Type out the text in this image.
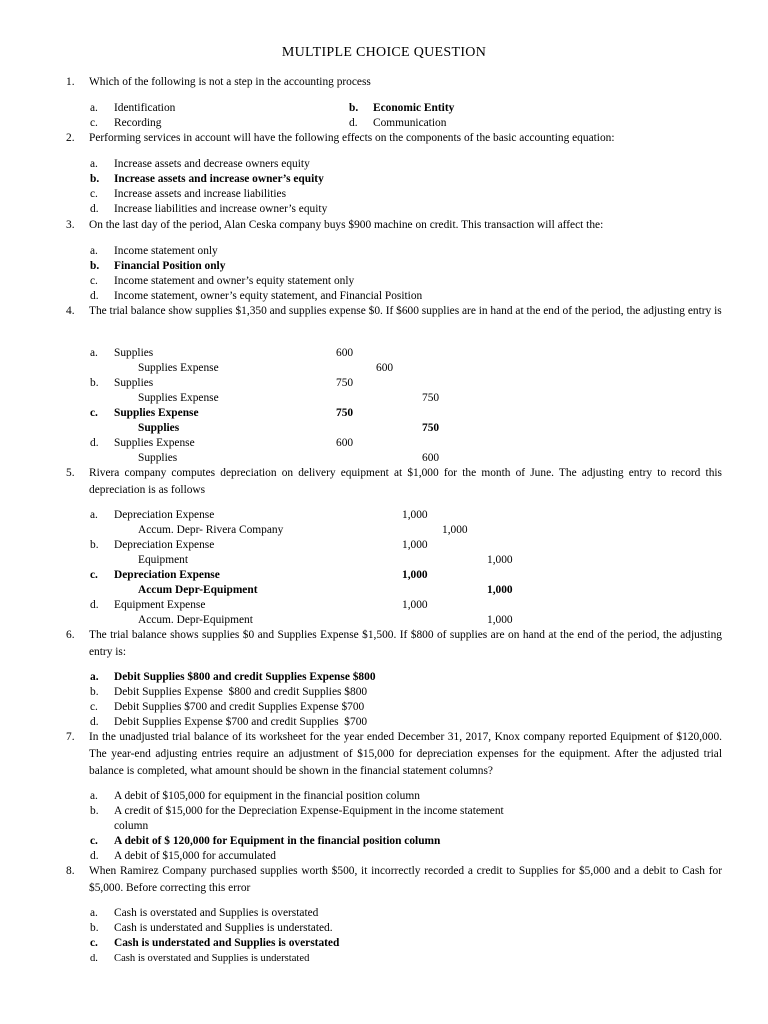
MULTIPLE CHOICE QUESTION
1. Which of the following is not a step in the accounting process
a. Identification	b. Economic Entity
c. Recording	d. Communication
2. Performing services in account will have the following effects on the components of the basic accounting equation:
a. Increase assets and decrease owners equity
b. Increase assets and increase owner’s equity
c. Increase assets and increase liabilities
d. Increase liabilities and increase owner’s equity
3. On the last day of the period, Alan Ceska company buys $900 machine on credit. This transaction will affect the:
a. Income statement only
b. Financial Position only
c. Income statement and owner’s equity statement only
d. Income statement, owner’s equity statement, and Financial Position
4. The trial balance show supplies $1,350 and supplies expense $0. If $600 supplies are in hand at the end of the period, the adjusting entry is
a. Supplies	600
Supplies Expense	600
b. Supplies	750
Supplies Expense	750
c. Supplies Expense	750
Supplies	750
d. Supplies Expense	600
Supplies	600
5. Rivera company computes depreciation on delivery equipment at $1,000 for the month of June. The adjusting entry to record this depreciation is as follows
a. Depreciation Expense	1,000
Accum. Depr- Rivera Company	1,000
b. Depreciation Expense	1,000
Equipment	1,000
c. Depreciation Expense	1,000
Accum Depr-Equipment	1,000
d. Equipment Expense	1,000
Accum. Depr-Equipment	1,000
6. The trial balance shows supplies $0 and Supplies Expense $1,500. If $800 of supplies are on hand at the end of the period, the adjusting entry is:
a. Debit Supplies $800 and credit Supplies Expense $800
b. Debit Supplies Expense  $800 and credit Supplies $800
c. Debit Supplies $700 and credit Supplies Expense $700
d. Debit Supplies Expense $700 and credit Supplies  $700
7. In the unadjusted trial balance of its worksheet for the year ended December 31, 2017, Knox company reported Equipment of $120,000. The year-end adjusting entries require an adjustment of $15,000 for depreciation expenses for the equipment. After the adjusted trial balance is completed, what amount should be shown in the financial statement columns?
a. A debit of $105,000 for equipment in the financial position column
b. A credit of $15,000 for the Depreciation Expense-Equipment in the income statement
column
c. A debit of $ 120,000 for Equipment in the financial position column
d. A debit of $15,000 for accumulated
8. When Ramirez Company purchased supplies worth $500, it incorrectly recorded a credit to Supplies for $5,000 and a debit to Cash for $5,000. Before correcting this error
a. Cash is overstated and Supplies is overstated
b. Cash is understated and Supplies is understated.
c. Cash is understated and Supplies is overstated
d. Cash is overstated and Supplies is understated
